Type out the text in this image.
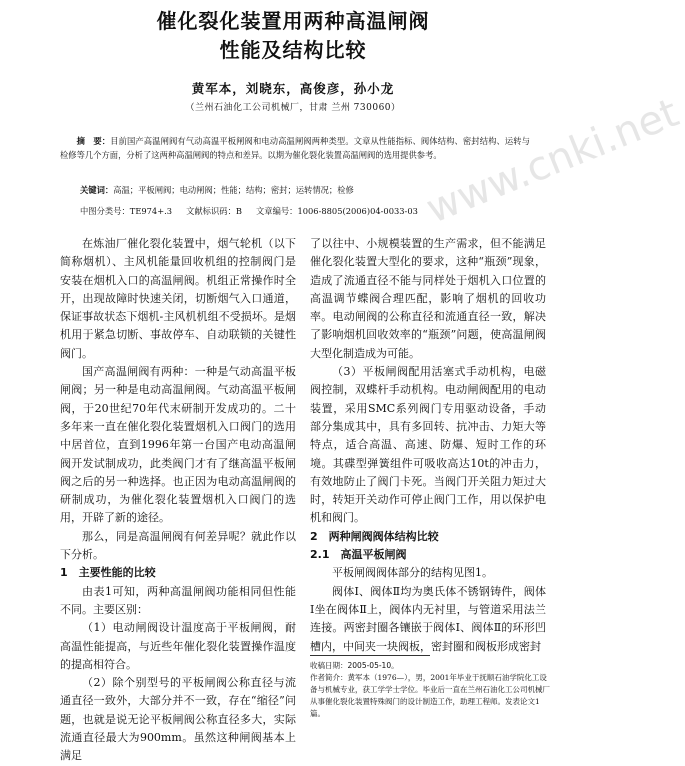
催化裂化装置用两种高温闸阀
性能及结构比较
黄军本，刘晓东，高俊彦，孙小龙
（兰州石油化工公司机械厂，甘肃 兰州 730060）
摘　要：目前国产高温闸阀有气动高温平板闸阀和电动高温闸阀两种类型。文章从性能指标、阀体结构、密封结构、运转与检修等几个方面，分析了这两种高温闸阀的特点和差异。以期为催化裂化装置高温闸阀的选用提供参考。
关键词：高温；平板闸阀；电动闸阀；性能；结构；密封；运转情况；检修
中图分类号：TE974+.3 文献标识码：B 文章编号：1006-8805(2006)04-0033-03

在炼油厂催化裂化装置中，烟气轮机（以下简称烟机）、主风机能量回收机组的控制阀门是安装在烟机入口的高温闸阀。机组正常操作时全开，出现故障时快速关闭，切断烟气入口通道，保证事故状态下烟机-主风机机组不受损坏。是烟机用于紧急切断、事故停车、自动联锁的关键性阀门。

国产高温闸阀有两种：一种是气动高温平板闸阀；另一种是电动高温闸阀。气动高温平板闸阀，于20世纪70年代末研制开发成功的。二十多年来一直在催化裂化装置烟机入口阀门的选用中居首位，直到1996年第一台国产电动高温闸阀开发试制成功，此类阀门才有了继高温平板闸阀之后的另一种选择。也正因为电动高温闸阀的研制成功，为催化裂化装置烟机入口阀门的选用，开辟了新的途径。

那么，同是高温闸阀有何差异呢？就此作以下分析。

1　主要性能的比较

由表1可知，两种高温闸阀功能相同但性能不同。主要区别：

（1）电动闸阀设计温度高于平板闸阀，耐高温性能提高，与近些年催化裂化装置操作温度的提高相符合。

（2）除个别型号的平板闸阀公称直径与流通直径一致外，大部分并不一致，存在“缩径”问题，也就是说无论平板闸阀公称直径多大，实际流通直径最大为900mm。虽然这种闸阀基本上满足

了以往中、小规模装置的生产需求，但不能满足催化裂化装置大型化的要求，这种“瓶颈”现象，造成了流通直径不能与同样处于烟机入口位置的高温调节蝶阀合理匹配，影响了烟机的回收功率。电动闸阀的公称直径和流通直径一致，解决了影响烟机回收效率的“瓶颈”问题，使高温闸阀大型化制造成为可能。

（3）平板闸阀配用活塞式手动机构，电磁阀控制，双蝶杆手动机构。电动闸阀配用的电动装置，采用SMC系列阀门专用驱动设备，手动部分集成其中，具有多回转、抗冲击、力矩大等特点，适合高温、高速、防爆、短时工作的环境。其碟型弹簧组件可吸收高达10t的冲击力，有效地防止了阀门卡死。当阀门开关阻力矩过大时，转矩开关动作可停止阀门工作，用以保护电机和阀门。

2　两种闸阀阀体结构比较
2.1　高温平板闸阀

平板闸阀阀体部分的结构见图1。

阀体Ⅰ、阀体Ⅱ均为奥氏体不锈钢铸件，阀体Ⅰ坐在阀体Ⅱ上，阀体内无衬里，与管道采用法兰连接。两密封圈各镶嵌于阀体Ⅰ、阀体Ⅱ的环形凹槽内，中间夹一块阀板，密封圈和阀板形成密封

收稿日期：2005-05-10。

作者简介：黄军本（1976—），男，2001年毕业于抚顺石油学院化工设备与机械专业，获工学学士学位。毕业后一直在兰州石油化工公司机械厂从事催化裂化装置特殊阀门的设计制造工作，助理工程师。发表论文1篇。

www.cnki.net
